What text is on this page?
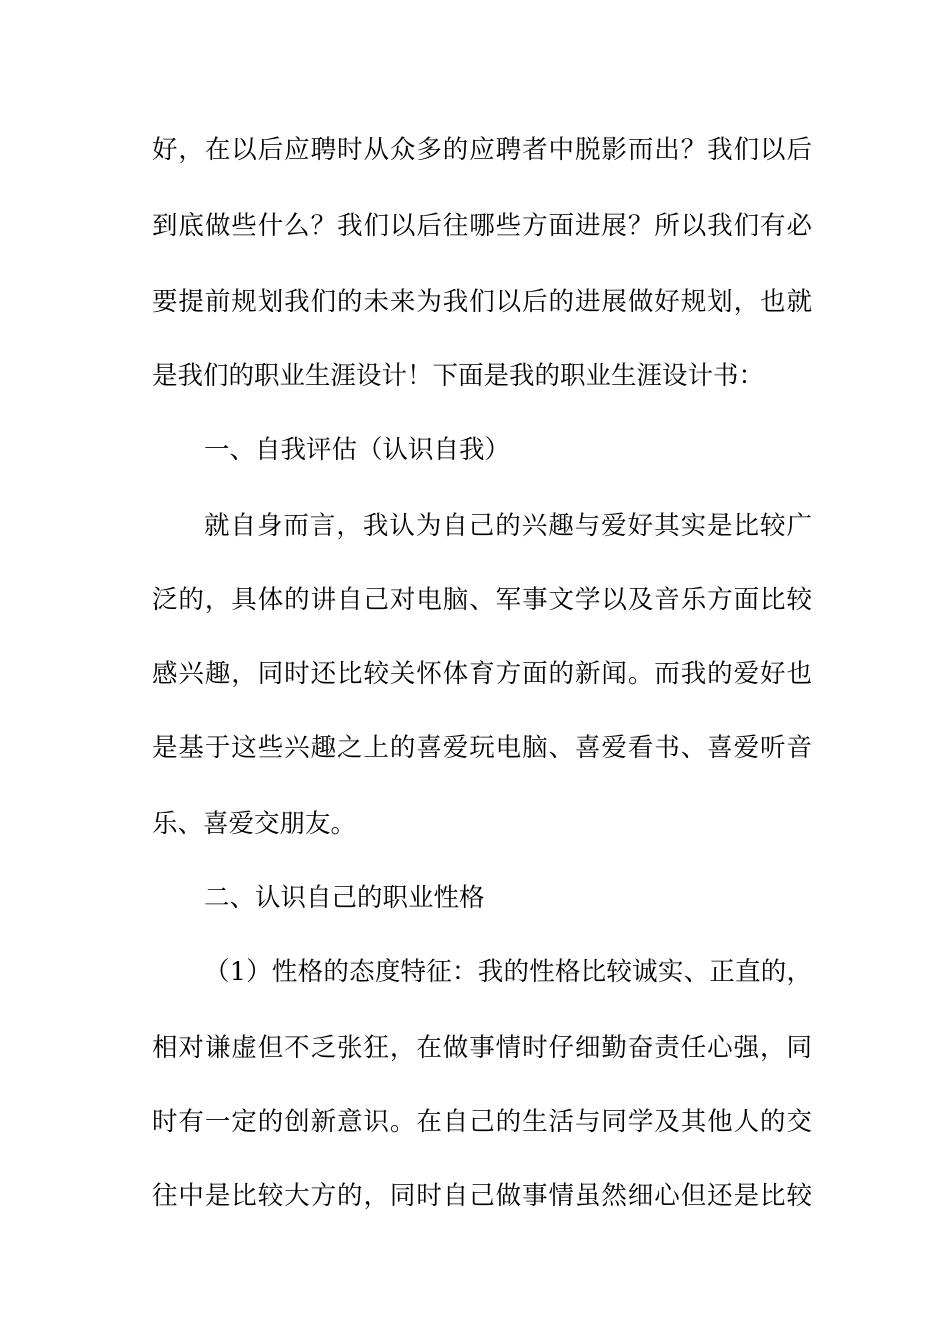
好，在以后应聘时从众多的应聘者中脱影而出？我们以后
到底做些什么？我们以后往哪些方面进展？所以我们有必
要提前规划我们的未来为我们以后的进展做好规划，也就
是我们的职业生涯设计！下面是我的职业生涯设计书：
一、自我评估（认识自我）
就自身而言，我认为自己的兴趣与爱好其实是比较广
泛的，具体的讲自己对电脑、军事文学以及音乐方面比较
感兴趣，同时还比较关怀体育方面的新闻。而我的爱好也
是基于这些兴趣之上的喜爱玩电脑、喜爱看书、喜爱听音
乐、喜爱交朋友。
二、认识自己的职业性格
（1）性格的态度特征：我的性格比较诚实、正直的，
相对谦虚但不乏张狂，在做事情时仔细勤奋责任心强，同
时有一定的创新意识。在自己的生活与同学及其他人的交
往中是比较大方的，同时自己做事情虽然细心但还是比较
